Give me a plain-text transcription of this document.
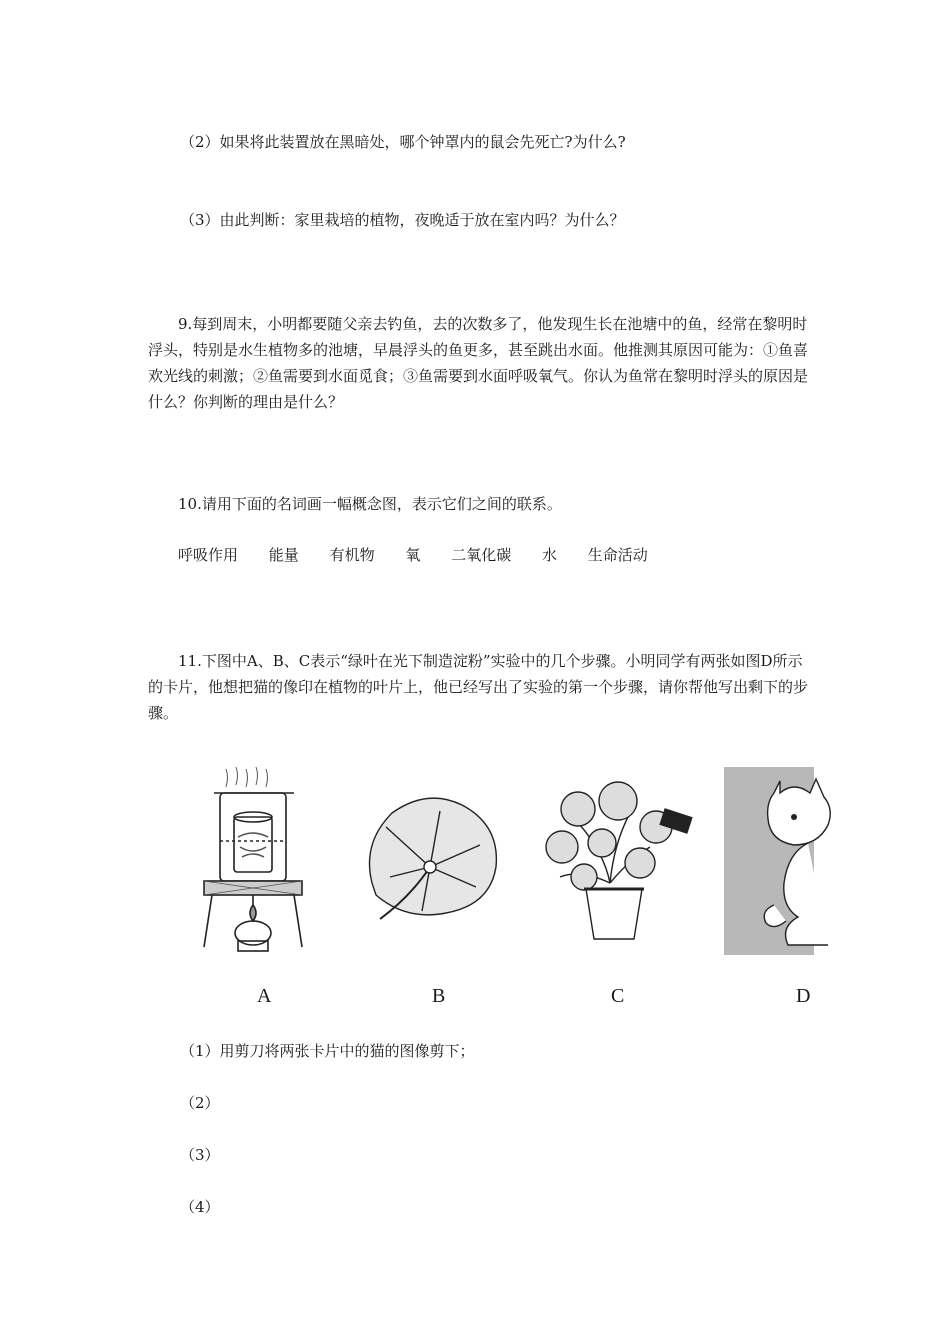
（2）如果将此装置放在黑暗处，哪个钟罩内的鼠会先死亡?为什么?
（3）由此判断：家里栽培的植物，夜晚适于放在室内吗？为什么？
9.每到周末，小明都要随父亲去钓鱼，去的次数多了，他发现生长在池塘中的鱼，经常在黎明时浮头，特别是水生植物多的池塘，早晨浮头的鱼更多，甚至跳出水面。他推测其原因可能为：①鱼喜欢光线的刺激；②鱼需要到水面觅食；③鱼需要到水面呼吸氧气。你认为鱼常在黎明时浮头的原因是什么？你判断的理由是什么？
10.请用下面的名词画一幅概念图，表示它们之间的联系。
呼吸作用 能量 有机物 氧 二氧化碳 水 生命活动
11.下图中A、B、C表示“绿叶在光下制造淀粉”实验中的几个步骤。小明同学有两张如图D所示的卡片，他想把猫的像印在植物的叶片上，他已经写出了实验的第一个步骤，请你帮他写出剩下的步骤。
A	B	C	D
（1）用剪刀将两张卡片中的猫的图像剪下；
（2）
（3）
（4）
